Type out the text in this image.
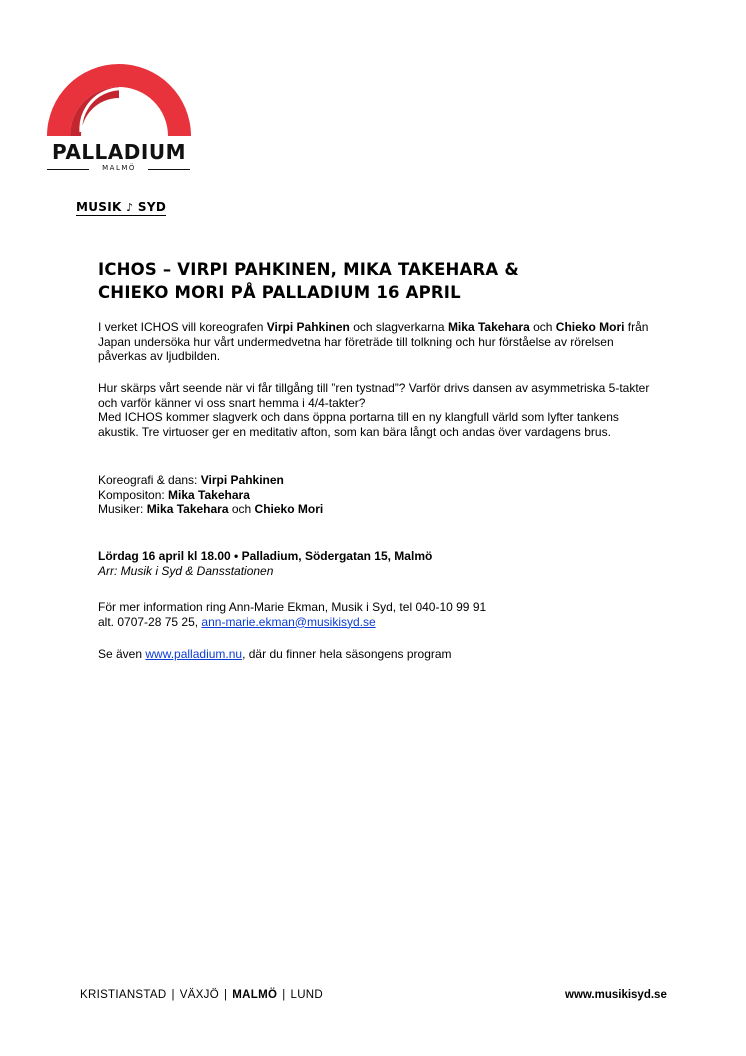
PALLADIUM
MALMÖ
MUSIK ♪ SYD
ICHOS – VIRPI PAHKINEN, MIKA TAKEHARA &
CHIEKO MORI PÅ PALLADIUM 16 APRIL

I verket ICHOS vill koreografen Virpi Pahkinen och slagverkarna Mika Takehara och Chieko Mori från Japan undersöka hur vårt undermedvetna har företräde till tolkning och hur förståelse av rörelsen påverkas av ljudbilden.

Hur skärps vårt seende när vi får tillgång till ”ren tystnad”? Varför drivs dansen av asymmetriska 5-takter och varför känner vi oss snart hemma i 4/4-takter?
Med ICHOS kommer slagverk och dans öppna portarna till en ny klangfull värld som lyfter tankens akustik. Tre virtuoser ger en meditativ afton, som kan bära långt och andas över vardagens brus.

Koreografi & dans: Virpi Pahkinen
Kompositon: Mika Takehara
Musiker: Mika Takehara och Chieko Mori

Lördag 16 april kl 18.00 • Palladium, Södergatan 15, Malmö
Arr: Musik i Syd & Dansstationen

För mer information ring Ann-Marie Ekman, Musik i Syd, tel 040-10 99 91
alt. 0707-28 75 25, ann-marie.ekman@musikisyd.se

Se även www.palladium.nu, där du finner hela säsongens program

KRISTIANSTAD | VÄXJÖ | MALMÖ | LUND	www.musikisyd.se
